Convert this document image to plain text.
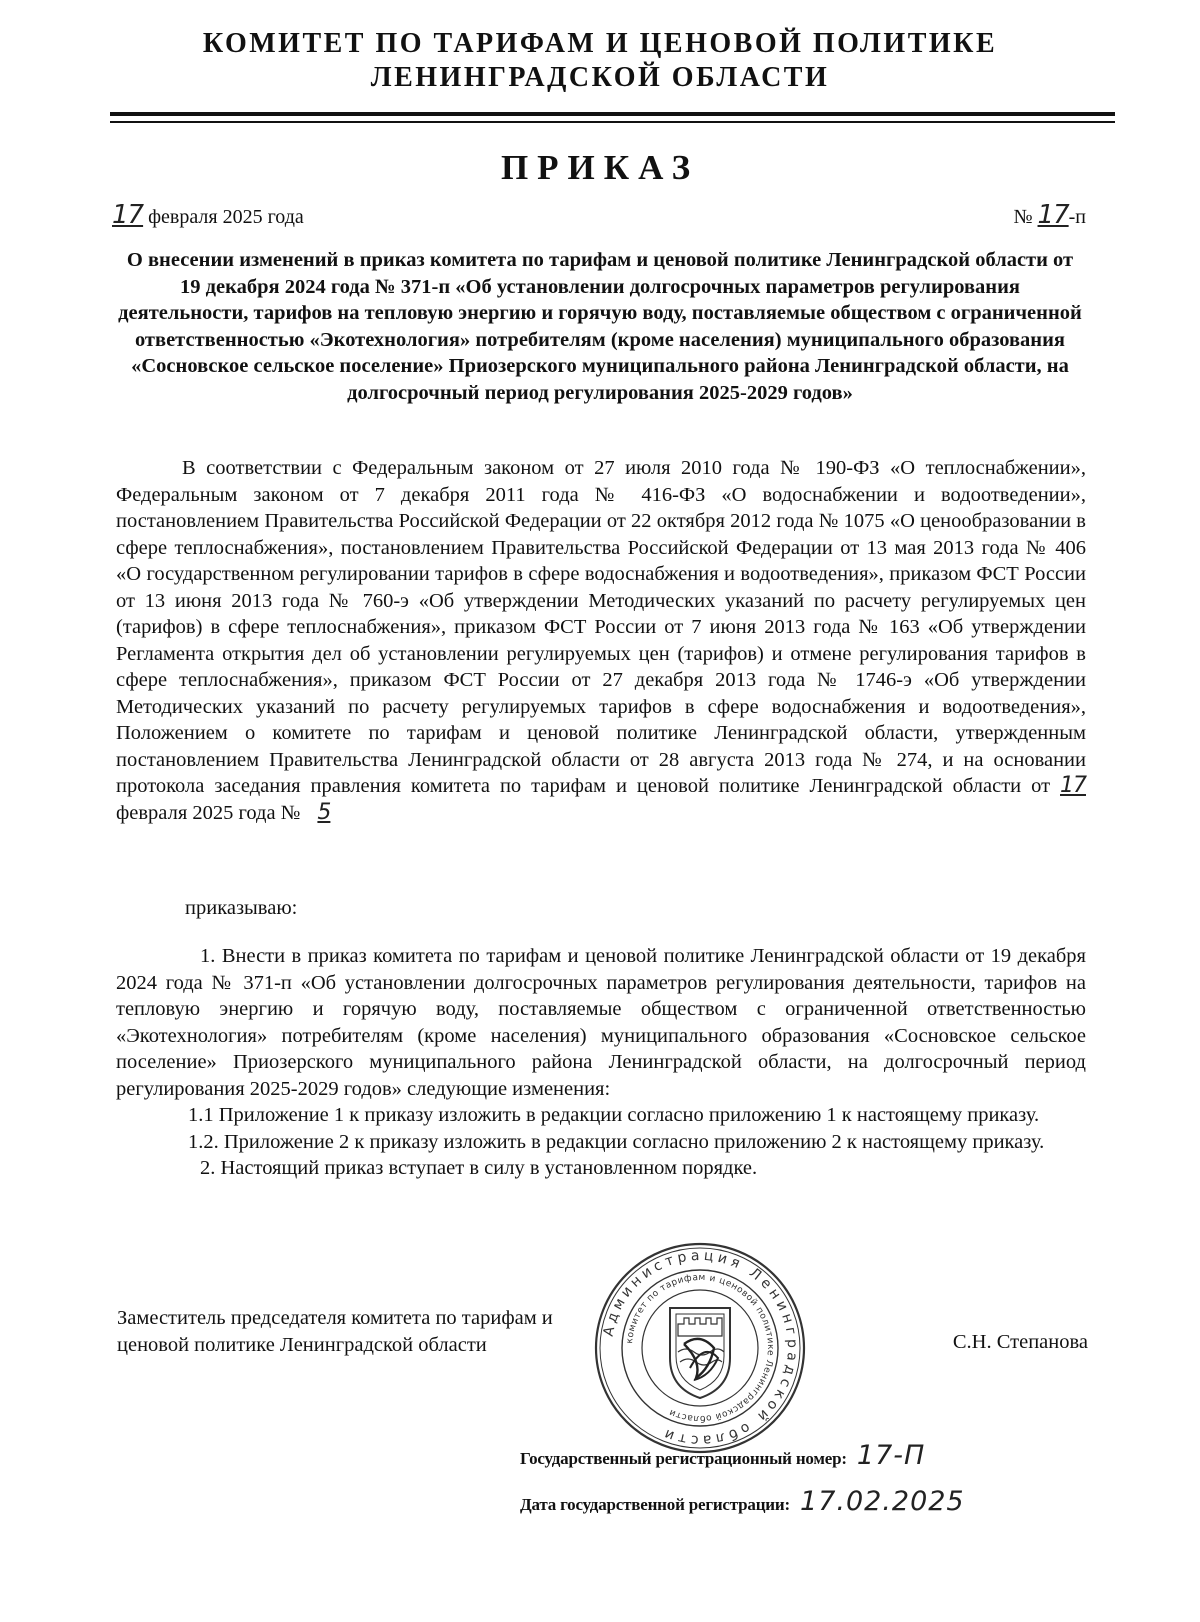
КОМИТЕТ ПО ТАРИФАМ И ЦЕНОВОЙ ПОЛИТИКЕ
ЛЕНИНГРАДСКОЙ ОБЛАСТИ
ПРИКАЗ
17 февраля 2025 года	№ 17-п
О внесении изменений в приказ комитета по тарифам и ценовой политике Ленинградской области от 19 декабря 2024 года № 371-п «Об установлении долгосрочных параметров регулирования деятельности, тарифов на тепловую энергию и горячую воду, поставляемые обществом с ограниченной ответственностью «Экотехнология» потребителям (кроме населения) муниципального образования «Сосновское сельское поселение» Приозерского муниципального района Ленинградской области, на долгосрочный период регулирования 2025-2029 годов»
В соответствии с Федеральным законом от 27 июля 2010 года № 190-ФЗ «О теплоснабжении», Федеральным законом от 7 декабря 2011 года № 416-ФЗ «О водоснабжении и водоотведении», постановлением Правительства Российской Федерации от 22 октября 2012 года № 1075 «О ценообразовании в сфере теплоснабжения», постановлением Правительства Российской Федерации от 13 мая 2013 года № 406 «О государственном регулировании тарифов в сфере водоснабжения и водоотведения», приказом ФСТ России от 13 июня 2013 года № 760-э «Об утверждении Методических указаний по расчету регулируемых цен (тарифов) в сфере теплоснабжения», приказом ФСТ России от 7 июня 2013 года № 163 «Об утверждении Регламента открытия дел об установлении регулируемых цен (тарифов) и отмене регулирования тарифов в сфере теплоснабжения», приказом ФСТ России от 27 декабря 2013 года № 1746-э «Об утверждении Методических указаний по расчету регулируемых тарифов в сфере водоснабжения и водоотведения», Положением о комитете по тарифам и ценовой политике Ленинградской области, утвержденным постановлением Правительства Ленинградской области от 28 августа 2013 года № 274, и на основании протокола заседания правления комитета по тарифам и ценовой политике Ленинградской области от 17 февраля 2025 года № 5
приказываю:

1. Внести в приказ комитета по тарифам и ценовой политике Ленинградской области от 19 декабря 2024 года № 371-п «Об установлении долгосрочных параметров регулирования деятельности, тарифов на тепловую энергию и горячую воду, поставляемые обществом с ограниченной ответственностью «Экотехнология» потребителям (кроме населения) муниципального образования «Сосновское сельское поселение» Приозерского муниципального района Ленинградской области, на долгосрочный период регулирования 2025-2029 годов» следующие изменения:

1.1 Приложение 1 к приказу изложить в редакции согласно приложению 1 к настоящему приказу.

1.2. Приложение 2 к приказу изложить в редакции согласно приложению 2 к настоящему приказу.

2. Настоящий приказ вступает в силу в установленном порядке.

Заместитель председателя комитета по тарифам и
ценовой политике Ленинградской области	С.Н. Степанова
Администрация Ленинградской области
комитет по тарифам и ценовой политике Ленинградской области
Государственный регистрационный номер: 17-П
Дата государственной регистрации: 17.02.2025
